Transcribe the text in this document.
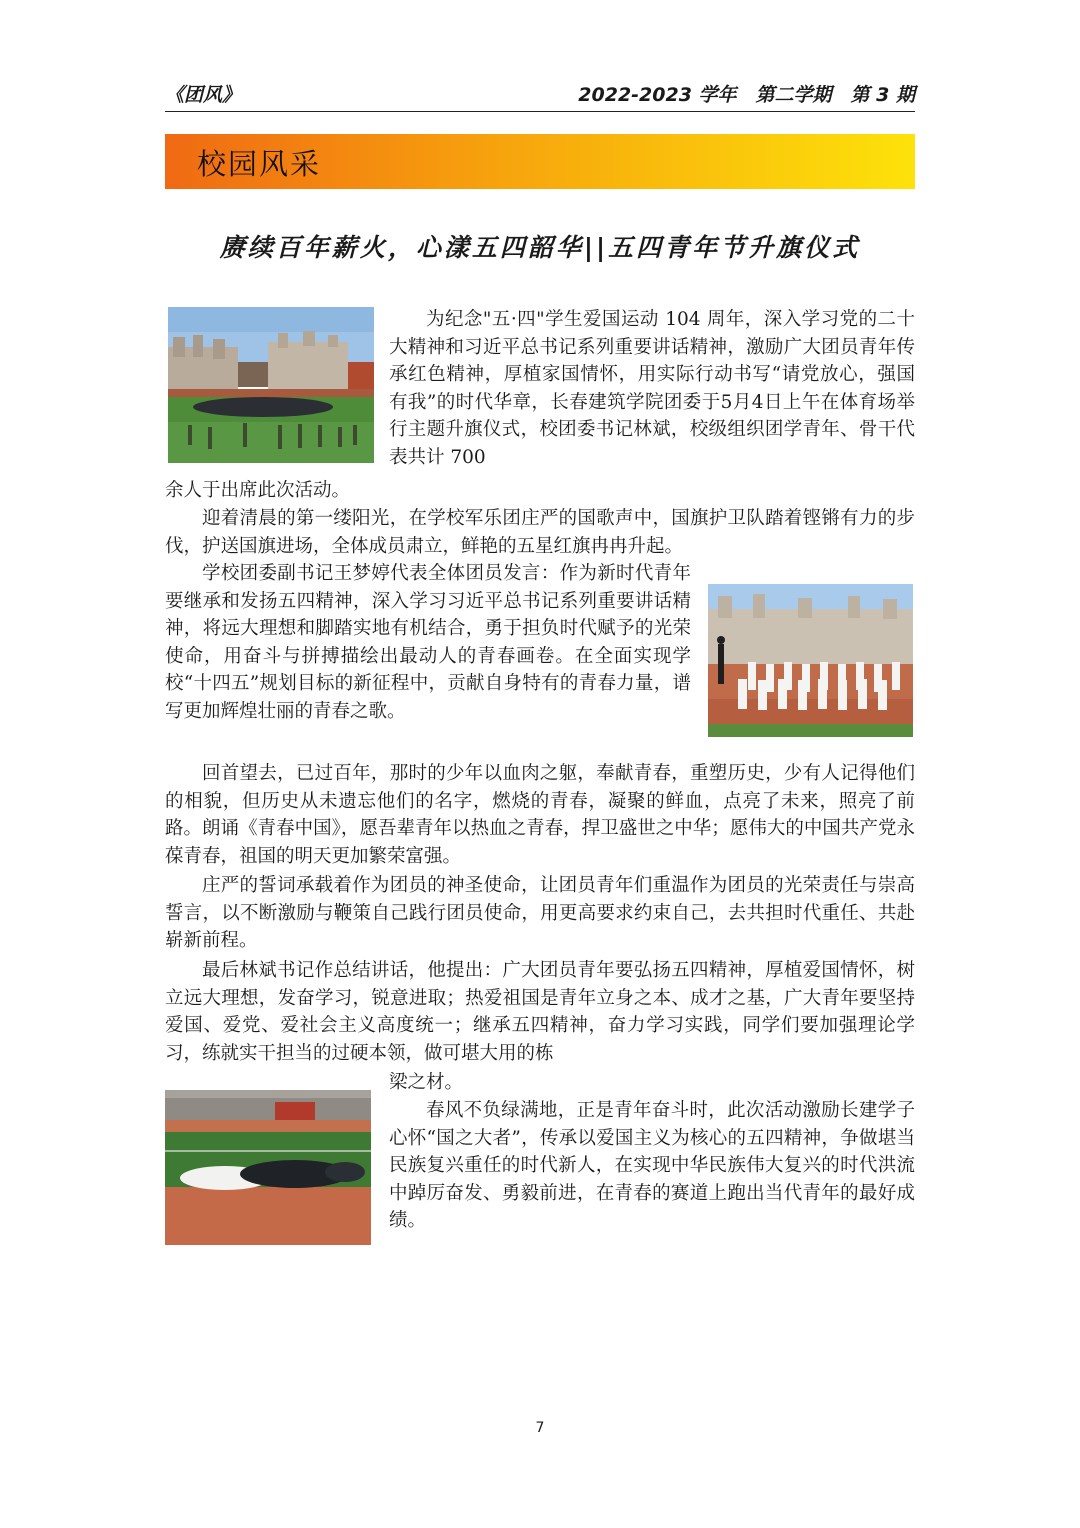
《团风》	2022-2023 学年　第二学期　第 3 期
校园风采
赓续百年薪火，心漾五四韶华||五四青年节升旗仪式
为纪念"五·四"学生爱国运动 104 周年，深入学习党的二十大精神和习近平总书记系列重要讲话精神，激励广大团员青年传承红色精神，厚植家国情怀，用实际行动书写“请党放心，强国有我”的时代华章，长春建筑学院团委于5月4日上午在体育场举行主题升旗仪式，校团委书记林斌，校级组织团学青年、骨干代表共计 700
余人于出席此次活动。
迎着清晨的第一缕阳光，在学校军乐团庄严的国歌声中，国旗护卫队踏着铿锵有力的步伐，护送国旗进场，全体成员肃立，鲜艳的五星红旗冉冉升起。
学校团委副书记王梦婷代表全体团员发言：作为新时代青年要继承和发扬五四精神，深入学习习近平总书记系列重要讲话精神，将远大理想和脚踏实地有机结合，勇于担负时代赋予的光荣使命，用奋斗与拼搏描绘出最动人的青春画卷。在全面实现学校“十四五”规划目标的新征程中，贡献自身特有的青春力量，谱写更加辉煌壮丽的青春之歌。
回首望去，已过百年，那时的少年以血肉之躯，奉献青春，重塑历史，少有人记得他们的相貌，但历史从未遗忘他们的名字，燃烧的青春，凝聚的鲜血，点亮了未来，照亮了前路。朗诵《青春中国》，愿吾辈青年以热血之青春，捍卫盛世之中华；愿伟大的中国共产党永葆青春，祖国的明天更加繁荣富强。
庄严的誓词承载着作为团员的神圣使命，让团员青年们重温作为团员的光荣责任与崇高誓言，以不断激励与鞭策自己践行团员使命，用更高要求约束自己，去共担时代重任、共赴崭新前程。
最后林斌书记作总结讲话，他提出：广大团员青年要弘扬五四精神，厚植爱国情怀，树立远大理想，发奋学习，锐意进取；热爱祖国是青年立身之本、成才之基，广大青年要坚持爱国、爱党、爱社会主义高度统一；继承五四精神，奋力学习实践，同学们要加强理论学习，练就实干担当的过硬本领，做可堪大用的栋
梁之材。
春风不负绿满地，正是青年奋斗时，此次活动激励长建学子心怀“国之大者”，传承以爱国主义为核心的五四精神，争做堪当民族复兴重任的时代新人，在实现中华民族伟大复兴的时代洪流中踔厉奋发、勇毅前进，在青春的赛道上跑出当代青年的最好成绩。
7
